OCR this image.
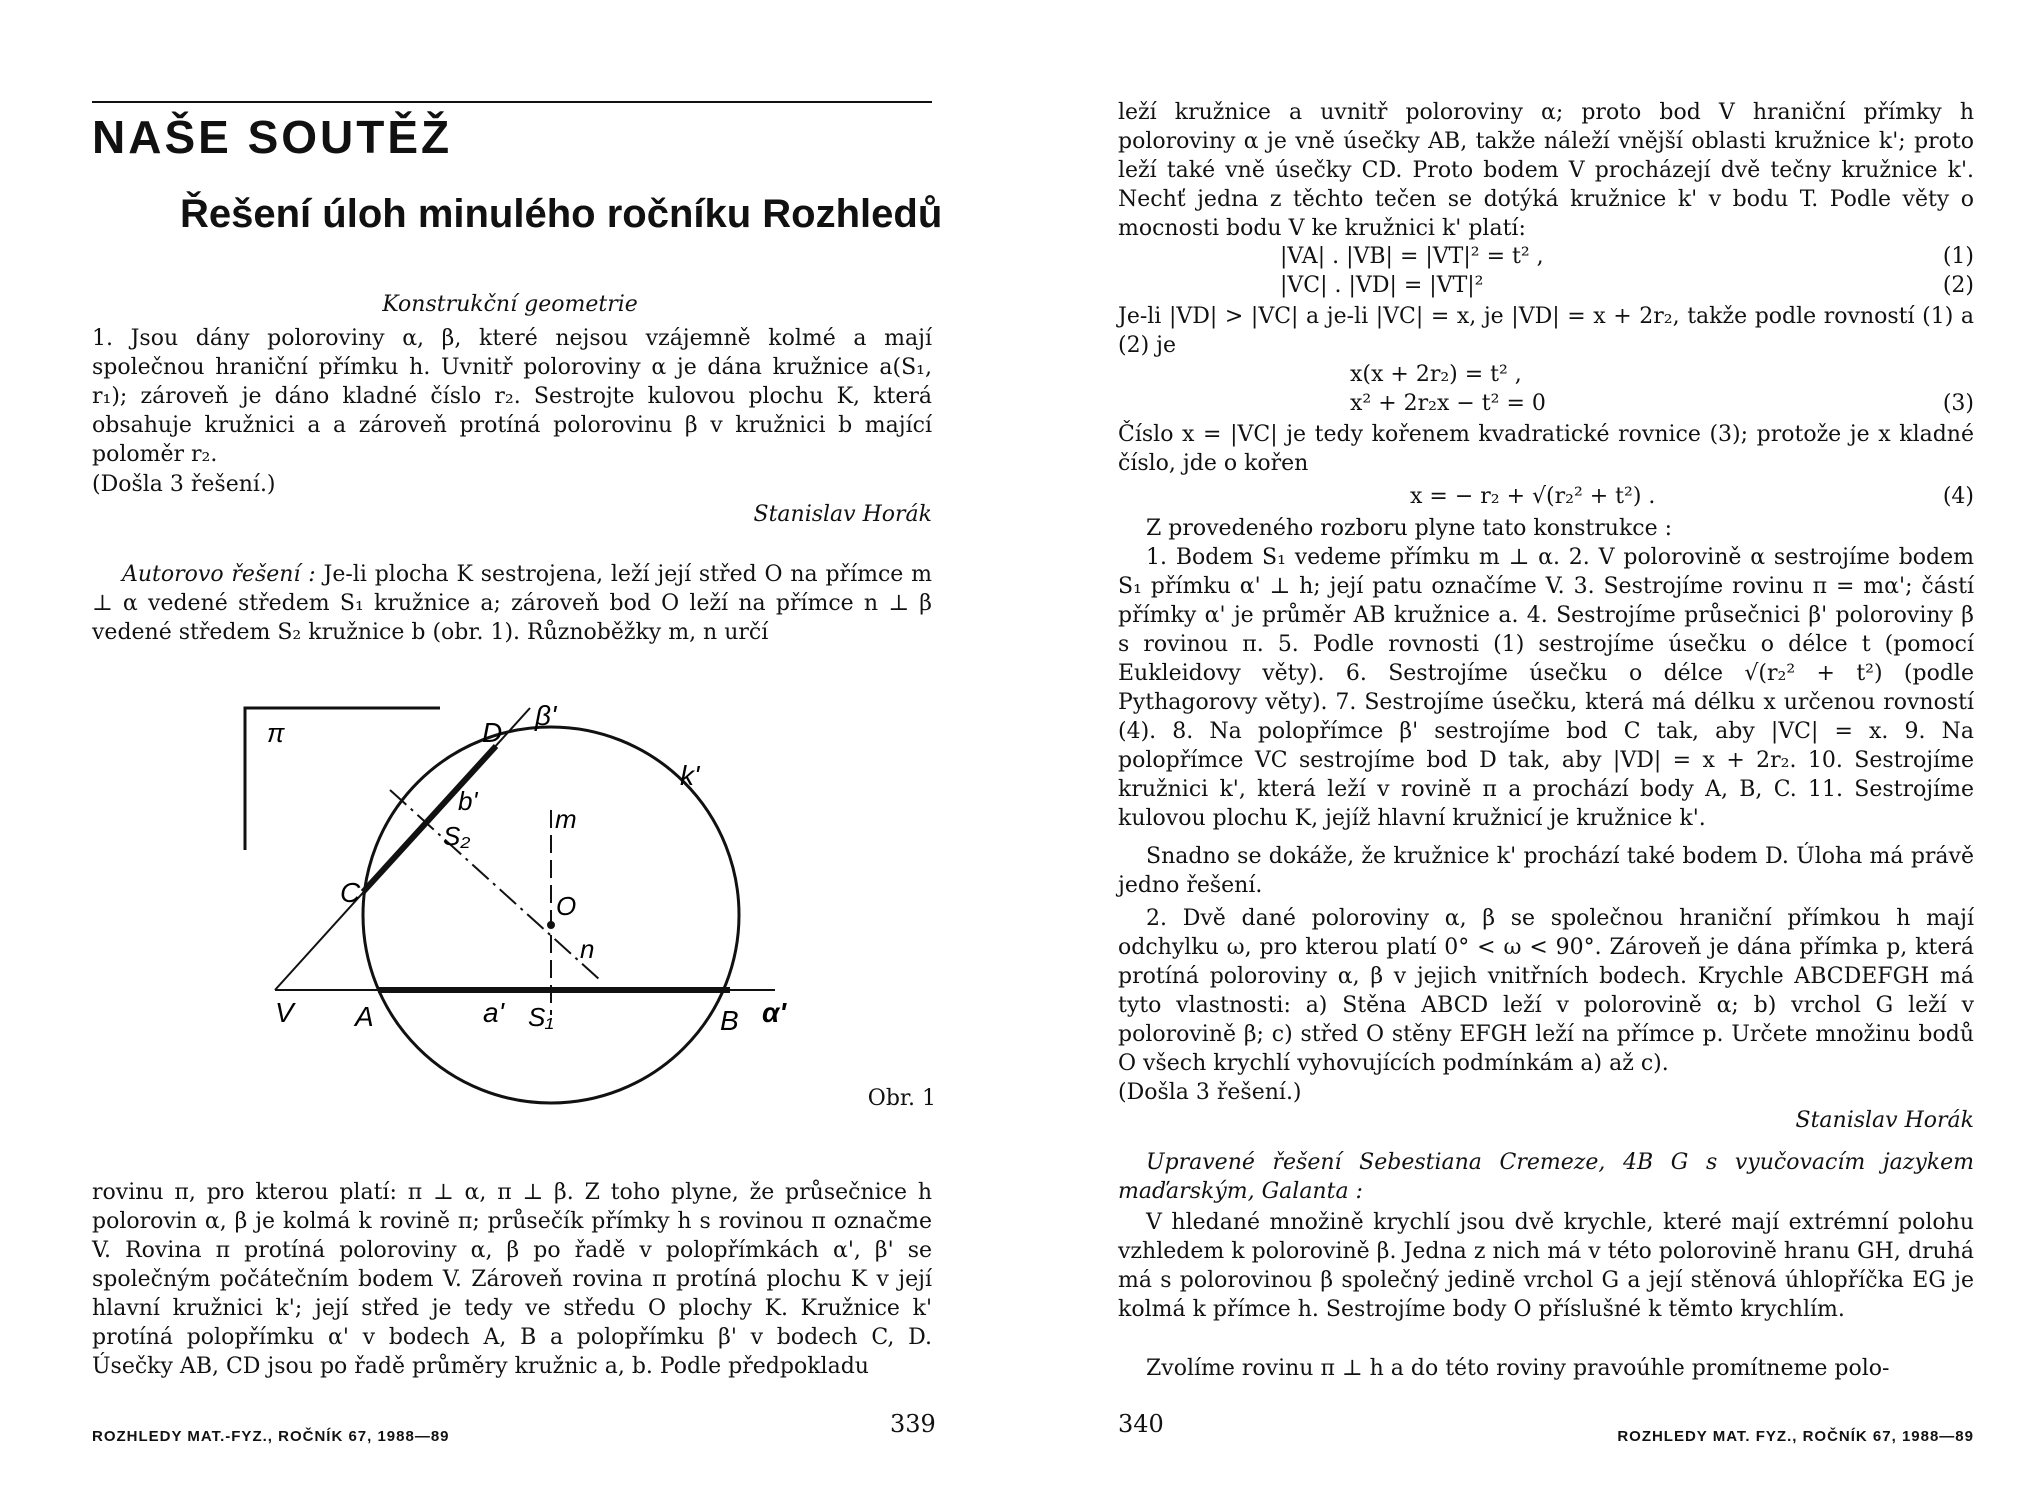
NAŠE SOUTĚŽ
Řešení úloh minulého ročníku Rozhledů
Konstrukční geometrie
1. Jsou dány poloroviny α, β, které nejsou vzájemně kolmé a mají společnou hraniční přímku h. Uvnitř poloroviny α je dána kružnice a(S₁, r₁); zároveň je dáno kladné číslo r₂. Sestrojte kulovou plochu K, která obsahuje kružnici a a zároveň protíná polorovinu β v kružnici b mající poloměr r₂.
(Došla 3 řešení.)
Stanislav Horák
Autorovo řešení : Je-li plocha K sestrojena, leží její střed O na přímce m ⊥ α vedené středem S₁ kružnice a; zároveň bod O leží na přímce n ⊥ β vedené středem S₂ kružnice b (obr. 1). Různoběžky m, n určí
π
β'
D
k'
b'
S₂
m
C	O
n
V A	a' S₁	B α'
Obr. 1
rovinu π, pro kterou platí: π ⊥ α, π ⊥ β. Z toho plyne, že průsečnice h polorovin α, β je kolmá k rovině π; průsečík přímky h s rovinou π označme V. Rovina π protíná poloroviny α, β po řadě v polopřímkách α', β' se společným počátečním bodem V. Zároveň rovina π protíná plochu K v její hlavní kružnici k'; její střed je tedy ve středu O plochy K. Kružnice k' protíná polopřímku α' v bodech A, B a polopřímku β' v bodech C, D. Úsečky AB, CD jsou po řadě průměry kružnic a, b. Podle předpokladu
ROZHLEDY MAT.-FYZ., ROČNÍK 67, 1988—89	339
leží kružnice a uvnitř poloroviny α; proto bod V hraniční přímky h poloroviny α je vně úsečky AB, takže náleží vnější oblasti kružnice k'; proto leží také vně úsečky CD. Proto bodem V procházejí dvě tečny kružnice k'. Nechť jedna z těchto tečen se dotýká kružnice k' v bodu T. Podle věty o mocnosti bodu V ke kružnici k' platí:
|VA| . |VB| = |VT|² = t² ,	(1)
|VC| . |VD| = |VT|²	(2)
Je-li |VD| > |VC| a je-li |VC| = x, je |VD| = x + 2r₂, takže podle rovností (1) a (2) je
x(x + 2r₂) = t² ,
x² + 2r₂x − t² = 0	(3)
Číslo x = |VC| je tedy kořenem kvadratické rovnice (3); protože je x kladné číslo, jde o kořen
x = − r₂ + √(r₂² + t²) .	(4)
Z provedeného rozboru plyne tato konstrukce :
1. Bodem S₁ vedeme přímku m ⊥ α. 2. V polorovině α sestrojíme bodem S₁ přímku α' ⊥ h; její patu označíme V. 3. Sestrojíme rovinu π = mα'; částí přímky α' je průměr AB kružnice a. 4. Sestrojíme průsečnici β' poloroviny β s rovinou π. 5. Podle rovnosti (1) sestrojíme úsečku o délce t (pomocí Eukleidovy věty). 6. Sestrojíme úsečku o délce √(r₂² + t²) (podle Pythagorovy věty). 7. Sestrojíme úsečku, která má délku x určenou rovností (4). 8. Na polopřímce β' sestrojíme bod C tak, aby |VC| = x. 9. Na polopřímce VC sestrojíme bod D tak, aby |VD| = x + 2r₂. 10. Sestrojíme kružnici k', která leží v rovině π a prochází body A, B, C. 11. Sestrojíme kulovou plochu K, jejíž hlavní kružnicí je kružnice k'.
Snadno se dokáže, že kružnice k' prochází také bodem D. Úloha má právě jedno řešení.
2. Dvě dané poloroviny α, β se společnou hraniční přímkou h mají odchylku ω, pro kterou platí 0° < ω < 90°. Zároveň je dána přímka p, která protíná poloroviny α, β v jejich vnitřních bodech. Krychle ABCDEFGH má tyto vlastnosti: a) Stěna ABCD leží v polorovině α; b) vrchol G leží v polorovině β; c) střed O stěny EFGH leží na přímce p. Určete množinu bodů O všech krychlí vyhovujících podmínkám a) až c).
(Došla 3 řešení.)
Stanislav Horák
Upravené řešení Sebestiana Cremeze, 4B G s vyučovacím jazykem maďarským, Galanta :
V hledané množině krychlí jsou dvě krychle, které mají extrémní polohu vzhledem k polorovině β. Jedna z nich má v této polorovině hranu GH, druhá má s polorovinou β společný jedině vrchol G a její stěnová úhlopříčka EG je kolmá k přímce h. Sestrojíme body O příslušné k těmto krychlím.
Zvolíme rovinu π ⊥ h a do této roviny pravoúhle promítneme polo-
340	ROZHLEDY MAT. FYZ., ROČNÍK 67, 1988—89
